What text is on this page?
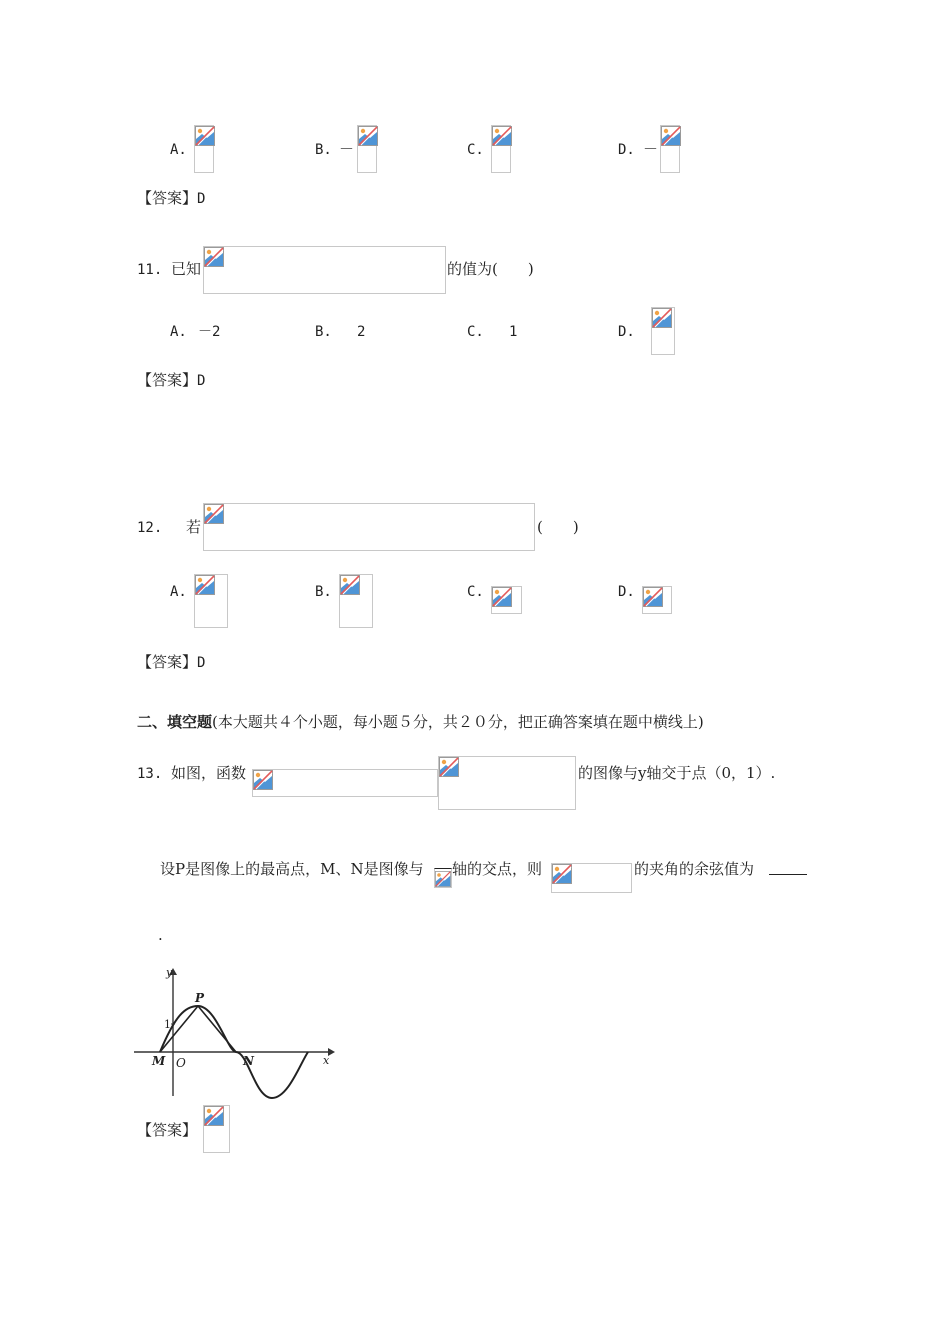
A.	B. －	C.	D. －
【答案】D
11. 已知	的值为(　　)
A. －2	B. 2	C. 1	D.
【答案】D
12. 若	(　　)
A.	B.	C.	D.
【答案】D
二、填空题(本大题共４个小题，每小题５分，共２０分，把正确答案填在题中横线上)
13. 如图，函数	的图像与y轴交于点（0，1）.
设P是图像上的最高点，M、N是图像与 轴的交点，则	的夹角的余弦值为
.
y
x
P
1
M O	N
【答案】
